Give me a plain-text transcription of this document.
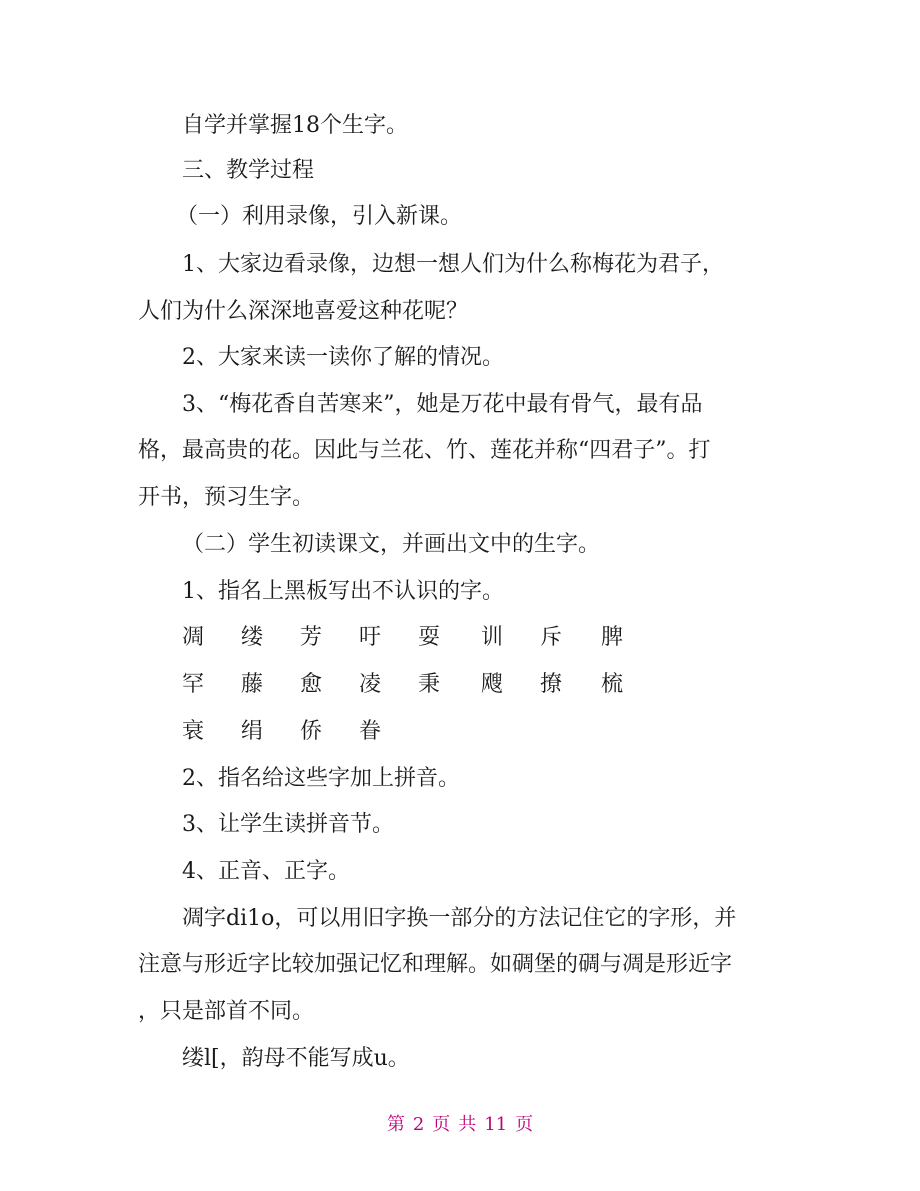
自学并掌握18个生字。
三、教学过程
（一）利用录像，引入新课。
1、大家边看录像，边想一想人们为什么称梅花为君子，
人们为什么深深地喜爱这种花呢？
2、大家来读一读你了解的情况。
3、“梅花香自苦寒来”，她是万花中最有骨气，最有品
格，最高贵的花。因此与兰花、竹、莲花并称“四君子”。打
开书，预习生字。
（二）学生初读课文，并画出文中的生字。
1、指名上黑板写出不认识的字。
凋 缕 芳 吁 耍 训 斥 脾
罕 藤 愈 凌 秉 飕 撩 梳
衰 绢 侨 眷
2、指名给这些字加上拼音。
3、让学生读拼音节。
4、正音、正字。
凋字di1o，可以用旧字换一部分的方法记住它的字形，并
注意与形近字比较加强记忆和理解。如碉堡的碉与凋是形近字
，只是部首不同。
缕l[，韵母不能写成u。
第 2 页 共 11 页
